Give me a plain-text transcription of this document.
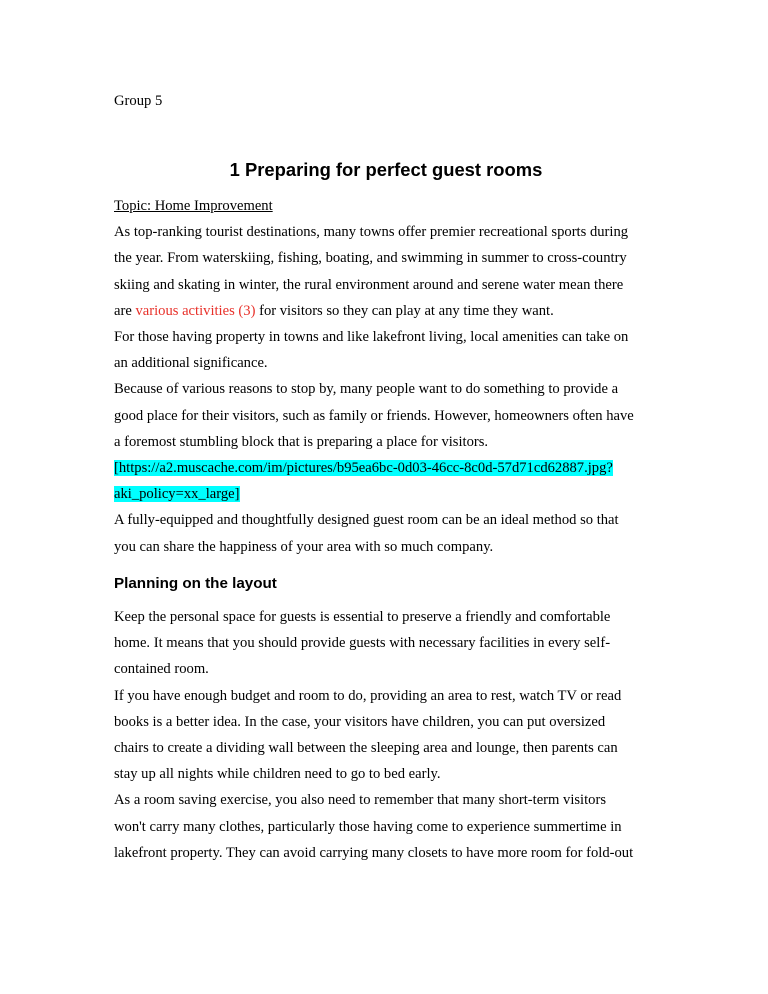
Group 5

1 Preparing for perfect guest rooms

Topic: Home Improvement

As top-ranking tourist destinations, many towns offer premier recreational sports during
the year. From waterskiing, fishing, boating, and swimming in summer to cross-country
skiing and skating in winter, the rural environment around and serene water mean there
are various activities (3) for visitors so they can play at any time they want.

For those having property in towns and like lakefront living, local amenities can take on
an additional significance.

Because of various reasons to stop by, many people want to do something to provide a
good place for their visitors, such as family or friends. However, homeowners often have
a foremost stumbling block that is preparing a place for visitors.

[https://a2.muscache.com/im/pictures/b95ea6bc-0d03-46cc-8c0d-57d71cd62887.jpg?
aki_policy=xx_large]

A fully-equipped and thoughtfully designed guest room can be an ideal method so that
you can share the happiness of your area with so much company.

Planning on the layout

Keep the personal space for guests is essential to preserve a friendly and comfortable
home. It means that you should provide guests with necessary facilities in every self-
contained room.

If you have enough budget and room to do, providing an area to rest, watch TV or read
books is a better idea. In the case, your visitors have children, you can put oversized
chairs to create a dividing wall between the sleeping area and lounge, then parents can
stay up all nights while children need to go to bed early.

As a room saving exercise, you also need to remember that many short-term visitors
won't carry many clothes, particularly those having come to experience summertime in
lakefront property. They can avoid carrying many closets to have more room for fold-out
